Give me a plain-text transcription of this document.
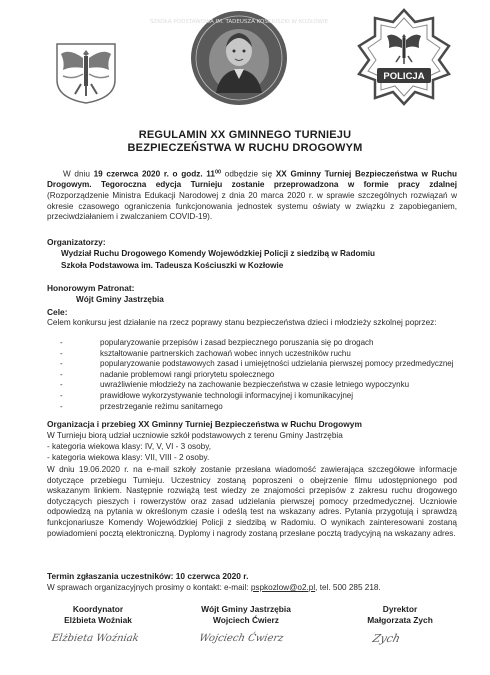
SZKOŁA PODSTAWOWA IM. TADEUSZA KOŚCIUSZKI W KOZŁOWIE
POLICJA
REGULAMIN XX GMINNEGO TURNIEJU
BEZPIECZEŃSTWA W RUCHU DROGOWYM
W dniu 19 czerwca 2020 r. o godz. $11^{00}$ odbędzie się XX Gminny Turniej Bezpieczeństwa w Ruchu Drogowym. Tegoroczna edycja Turnieju zostanie przeprowadzona w formie pracy zdalnej (Rozporządzenie Ministra Edukacji Narodowej z dnia 20 marca 2020 r. w sprawie szczególnych rozwiązań w okresie czasowego ograniczenia funkcjonowania jednostek systemu oświaty w związku z zapobieganiem, przeciwdziałaniem i zwalczaniem COVID-19).
Organizatorzy:
Wydział Ruchu Drogowego Komendy Wojewódzkiej Policji z siedzibą w Radomiu
Szkoła Podstawowa im. Tadeusza Kościuszki w Kozłowie
Honorowym Patronat:
Wójt Gminy Jastrzębia
Cele:
Celem konkursu jest działanie na rzecz poprawy stanu bezpieczeństwa dzieci i młodzieży szkolnej poprzez:
- popularyzowanie przepisów i zasad bezpiecznego poruszania się po drogach
- kształtowanie partnerskich zachowań wobec innych uczestników ruchu
- popularyzowanie podstawowych zasad i umiejętności udzielania pierwszej pomocy przedmedycznej
- nadanie problemowi rangi priorytetu społecznego
- uwrażliwienie młodzieży na zachowanie bezpieczeństwa w czasie letniego wypoczynku
- prawidłowe wykorzystywanie technologii informacyjnej i komunikacyjnej
- przestrzeganie reżimu sanitarnego
Organizacja i przebieg XX Gminny Turniej Bezpieczeństwa w Ruchu Drogowym
W Turnieju biorą udział uczniowie szkół podstawowych z terenu Gminy Jastrzębia
- kategoria wiekowa klasy: IV, V, VI - 3 osoby,
- kategoria wiekowa klasy: VII, VIII - 2 osoby.
W dniu 19.06.2020 r. na e-mail szkoły zostanie przesłana wiadomość zawierająca szczegółowe informacje dotyczące przebiegu Turnieju. Uczestnicy zostaną poproszeni o obejrzenie filmu udostępnionego pod wskazanym linkiem. Następnie rozwiążą test wiedzy ze znajomości przepisów z zakresu ruchu drogowego dotyczących pieszych i rowerzystów oraz zasad udzielania pierwszej pomocy przedmedycznej. Uczniowie odpowiedzą na pytania w określonym czasie i odeślą test na wskazany adres. Pytania przygotują i sprawdzą funkcjonariusze Komendy Wojewódzkiej Policji z siedzibą w Radomiu. O wynikach zainteresowani zostaną powiadomieni pocztą elektroniczną. Dyplomy i nagrody zostaną przesłane pocztą tradycyjną na wskazany adres.
Termin zgłaszania uczestników: 10 czerwca 2020 r.
W sprawach organizacyjnych prosimy o kontakt: e-mail: pspkozlow@o2.pl, tel. 500 285 218.
Koordynator
Elżbieta Woźniak
Elżbieta Woźniak
Wójt Gminy Jastrzębia
Wojciech Ćwierz
Wojciech Ćwierz
Dyrektor
Małgorzata Zych
Zych
